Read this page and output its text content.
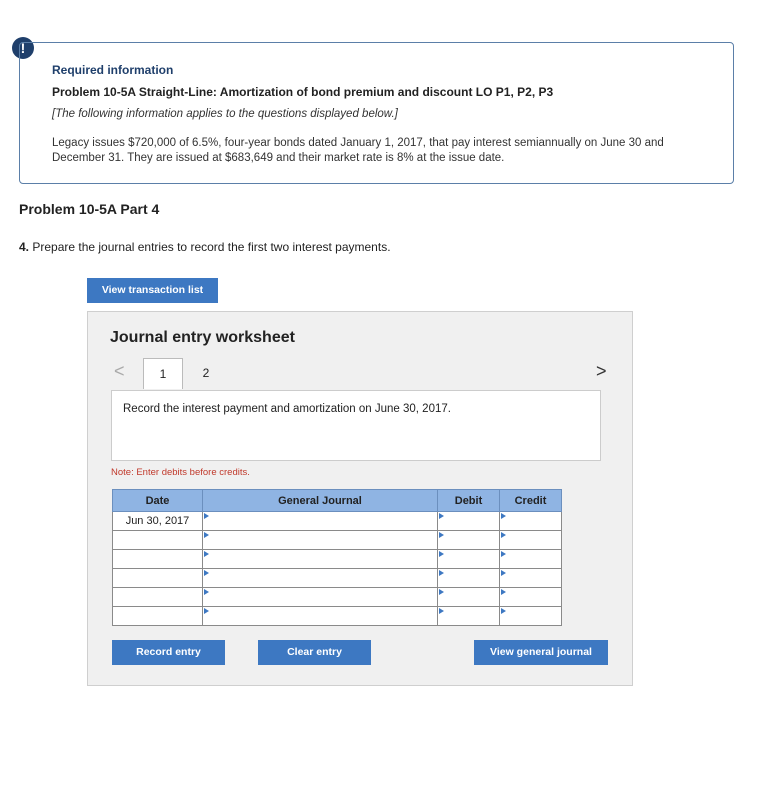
!
Required information
Problem 10-5A Straight-Line: Amortization of bond premium and discount LO P1, P2, P3
[The following information applies to the questions displayed below.]
Legacy issues $720,000 of 6.5%, four-year bonds dated January 1, 2017, that pay interest semiannually on June 30 and December 31. They are issued at $683,649 and their market rate is 8% at the issue date.
Problem 10-5A Part 4
4. Prepare the journal entries to record the first two interest payments.
View transaction list
Journal entry worksheet
<	1	2	>
Record the interest payment and amortization on June 30, 2017.
Note: Enter debits before credits.
Date	General Journal	Debit	Credit
Jun 30, 2017	

Record entry	Clear entry	View general journal
